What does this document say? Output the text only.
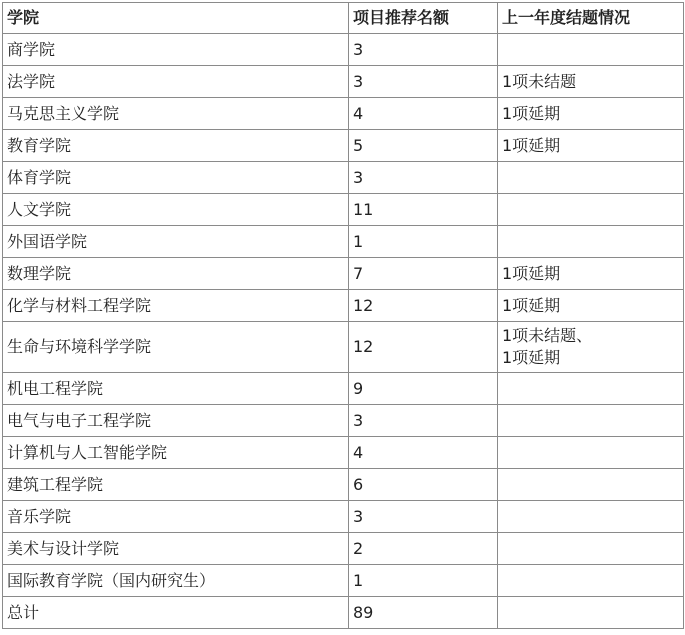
学院	项目推荐名额	上一年度结题情况
商学院	3	
法学院	3	1项未结题

马克思主义学院	4	1项延期

教育学院	5	1项延期

体育学院	3	
人文学院	11	
外国语学院	1	
数理学院	7	1项延期

化学与材料工程学院	12	1项延期

生命与环境科学学院	12	1项未结题、
1项延期

机电工程学院	9	
电气与电子工程学院	3	
计算机与人工智能学院	4	
建筑工程学院	6	
音乐学院	3	
美术与设计学院	2	
国际教育学院（国内研究生）	1	
总计	89	
